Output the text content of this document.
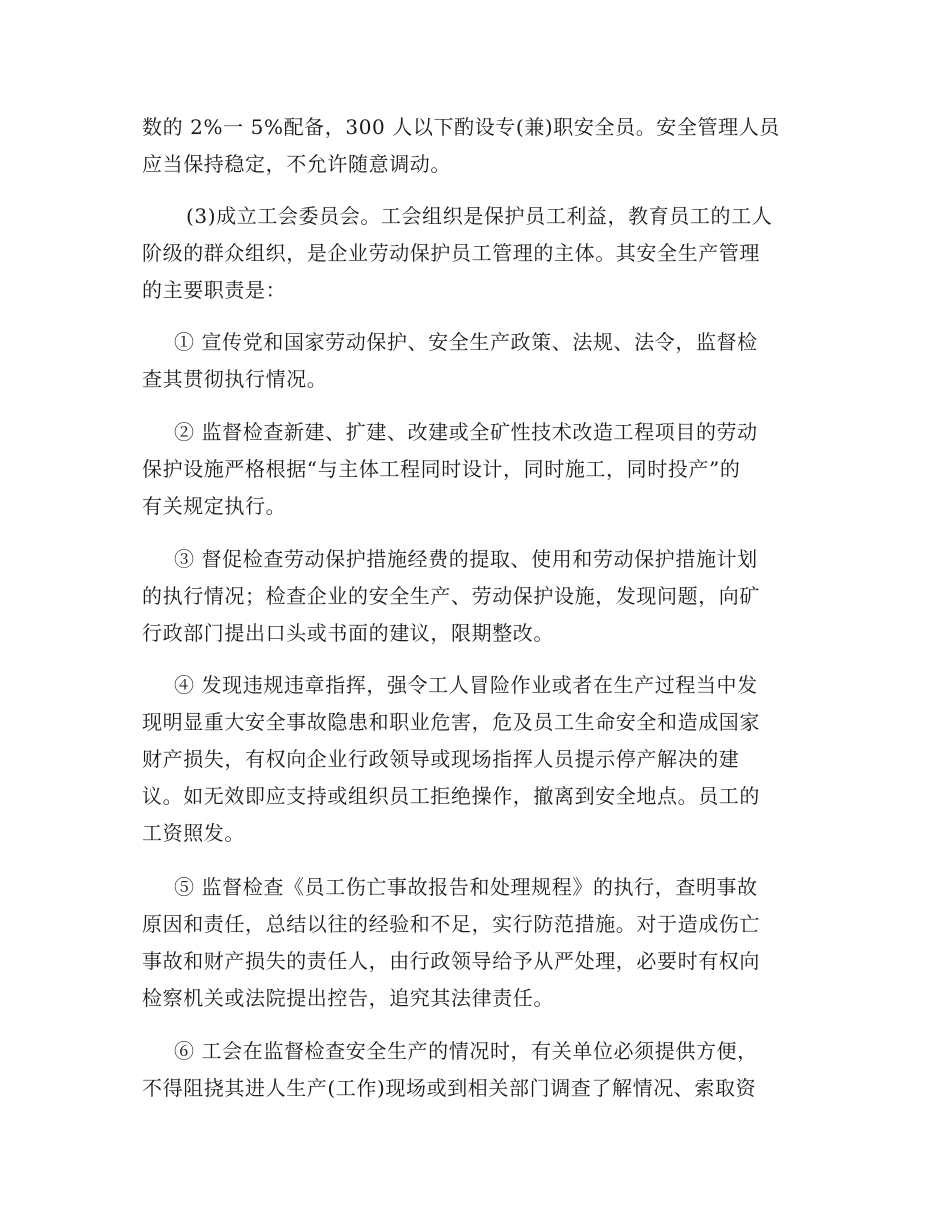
数的 2%一 5%配备，300 人以下酌设专(兼)职安全员。安全管理人员
应当保持稳定，不允许随意调动。

(3)成立工会委员会。工会组织是保护员工利益，教育员工的工人
阶级的群众组织，是企业劳动保护员工管理的主体。其安全生产管理
的主要职责是：

① 宣传党和国家劳动保护、安全生产政策、法规、法令，监督检
查其贯彻执行情况。

② 监督检查新建、扩建、改建或全矿性技术改造工程项目的劳动
保护设施严格根据“与主体工程同时设计，同时施工，同时投产”的
有关规定执行。

③ 督促检查劳动保护措施经费的提取、使用和劳动保护措施计划
的执行情况；检查企业的安全生产、劳动保护设施，发现问题，向矿
行政部门提出口头或书面的建议，限期整改。

④ 发现违规违章指挥，强令工人冒险作业或者在生产过程当中发
现明显重大安全事故隐患和职业危害，危及员工生命安全和造成国家
财产损失，有权向企业行政领导或现场指挥人员提示停产解决的建
议。如无效即应支持或组织员工拒绝操作，撤离到安全地点。员工的
工资照发。

⑤ 监督检查《员工伤亡事故报告和处理规程》的执行，查明事故
原因和责任，总结以往的经验和不足，实行防范措施。对于造成伤亡
事故和财产损失的责任人，由行政领导给予从严处理，必要时有权向
检察机关或法院提出控告，追究其法律责任。

⑥ 工会在监督检查安全生产的情况时，有关单位必须提供方便，
不得阻挠其进人生产(工作)现场或到相关部门调查了解情况、索取资
